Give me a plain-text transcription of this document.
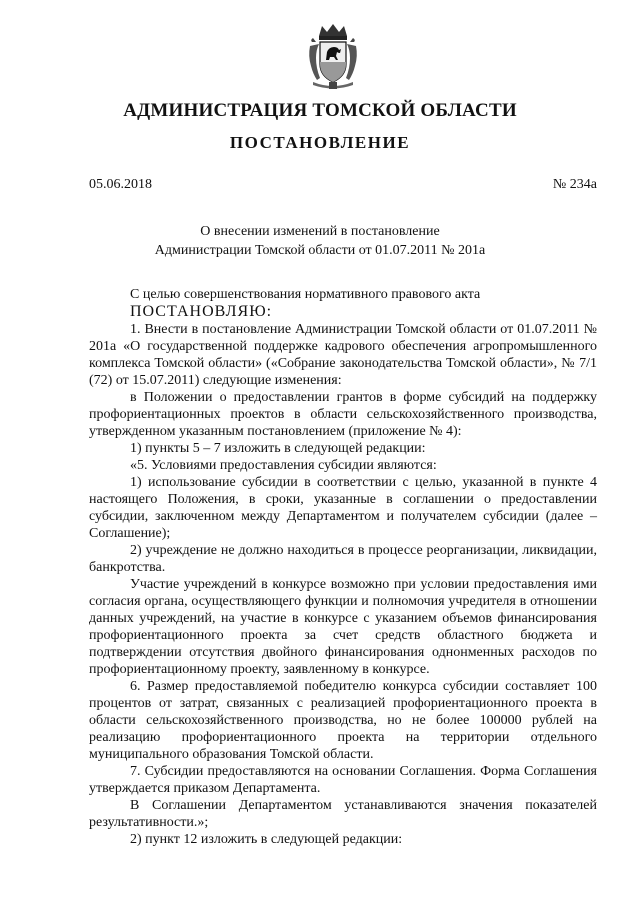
АДМИНИСТРАЦИЯ ТОМСКОЙ ОБЛАСТИ
ПОСТАНОВЛЕНИЕ
05.06.2018	№ 234а
О внесении изменений в постановление
Администрации Томской области от 01.07.2011 № 201а

С целью совершенствования нормативного правового акта

ПОСТАНОВЛЯЮ:

1. Внести в постановление Администрации Томской области от 01.07.2011 № 201а «О государственной поддержке кадрового обеспечения агропромышленного комплекса Томской области» («Собрание законодательства Томской области», № 7/1 (72) от 15.07.2011) следующие изменения:

в Положении о предоставлении грантов в форме субсидий на поддержку профориентационных проектов в области сельскохозяйственного производства, утвержденном указанным постановлением (приложение № 4):

1) пункты 5 – 7 изложить в следующей редакции:

«5. Условиями предоставления субсидии являются:

1) использование субсидии в соответствии с целью, указанной в пункте 4 настоящего Положения, в сроки, указанные в соглашении о предоставлении субсидии, заключенном между Департаментом и получателем субсидии (далее – Соглашение);

2) учреждение не должно находиться в процессе реорганизации, ликвидации, банкротства.

Участие учреждений в конкурсе возможно при условии предоставления ими согласия органа, осуществляющего функции и полномочия учредителя в отношении данных учреждений, на участие в конкурсе с указанием объемов финансирования профориентационного проекта за счет средств областного бюджета и подтверждении отсутствия двойного финансирования однонменных расходов по профориентационному проекту, заявленному в конкурсе.

6. Размер предоставляемой победителю конкурса субсидии составляет 100 процентов от затрат, связанных с реализацией профориентационного проекта в области сельскохозяйственного производства, но не более 100000 рублей на реализацию профориентационного проекта на территории отдельного муниципального образования Томской области.

7. Субсидии предоставляются на основании Соглашения. Форма Соглашения утверждается приказом Департамента.

В Соглашении Департаментом устанавливаются значения показателей результативности.»;

2) пункт 12 изложить в следующей редакции:
